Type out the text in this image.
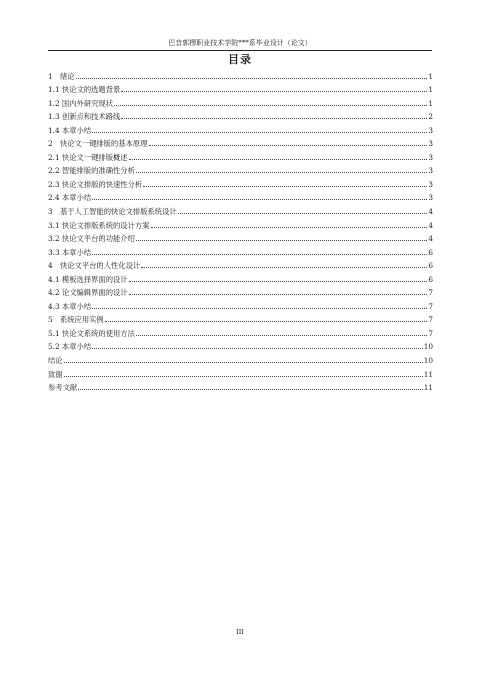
巴音郭楞职业技术学院***系毕业设计（论文）
目录
1　绪论	1
1.1 快论文的选题背景	1
1.2 国内外研究现状	1
1.3 创新点和技术路线	2
1.4 本章小结	3
2　快论文一键排版的基本原理	3
2.1 快论文一键排版概述	3
2.2 智能排版的准确性分析	3
2.3 快论文排版的快速性分析	3
2.4 本章小结	3
3　基于人工智能的快论文排版系统设计	4
3.1 快论文排版系统的设计方案	4
3.2 快论文平台的功能介绍	4
3.3 本章小结	6
4　快论文平台的人性化设计	6
4.1 模板选择界面的设计	6
4.2 论文编辑界面的设计	7
4.3 本章小结	7
5　系统应用实例	7
5.1 快论文系统的使用方法	7
5.2 本章小结	10
结论	10
致谢	11
参考文献	11
III
